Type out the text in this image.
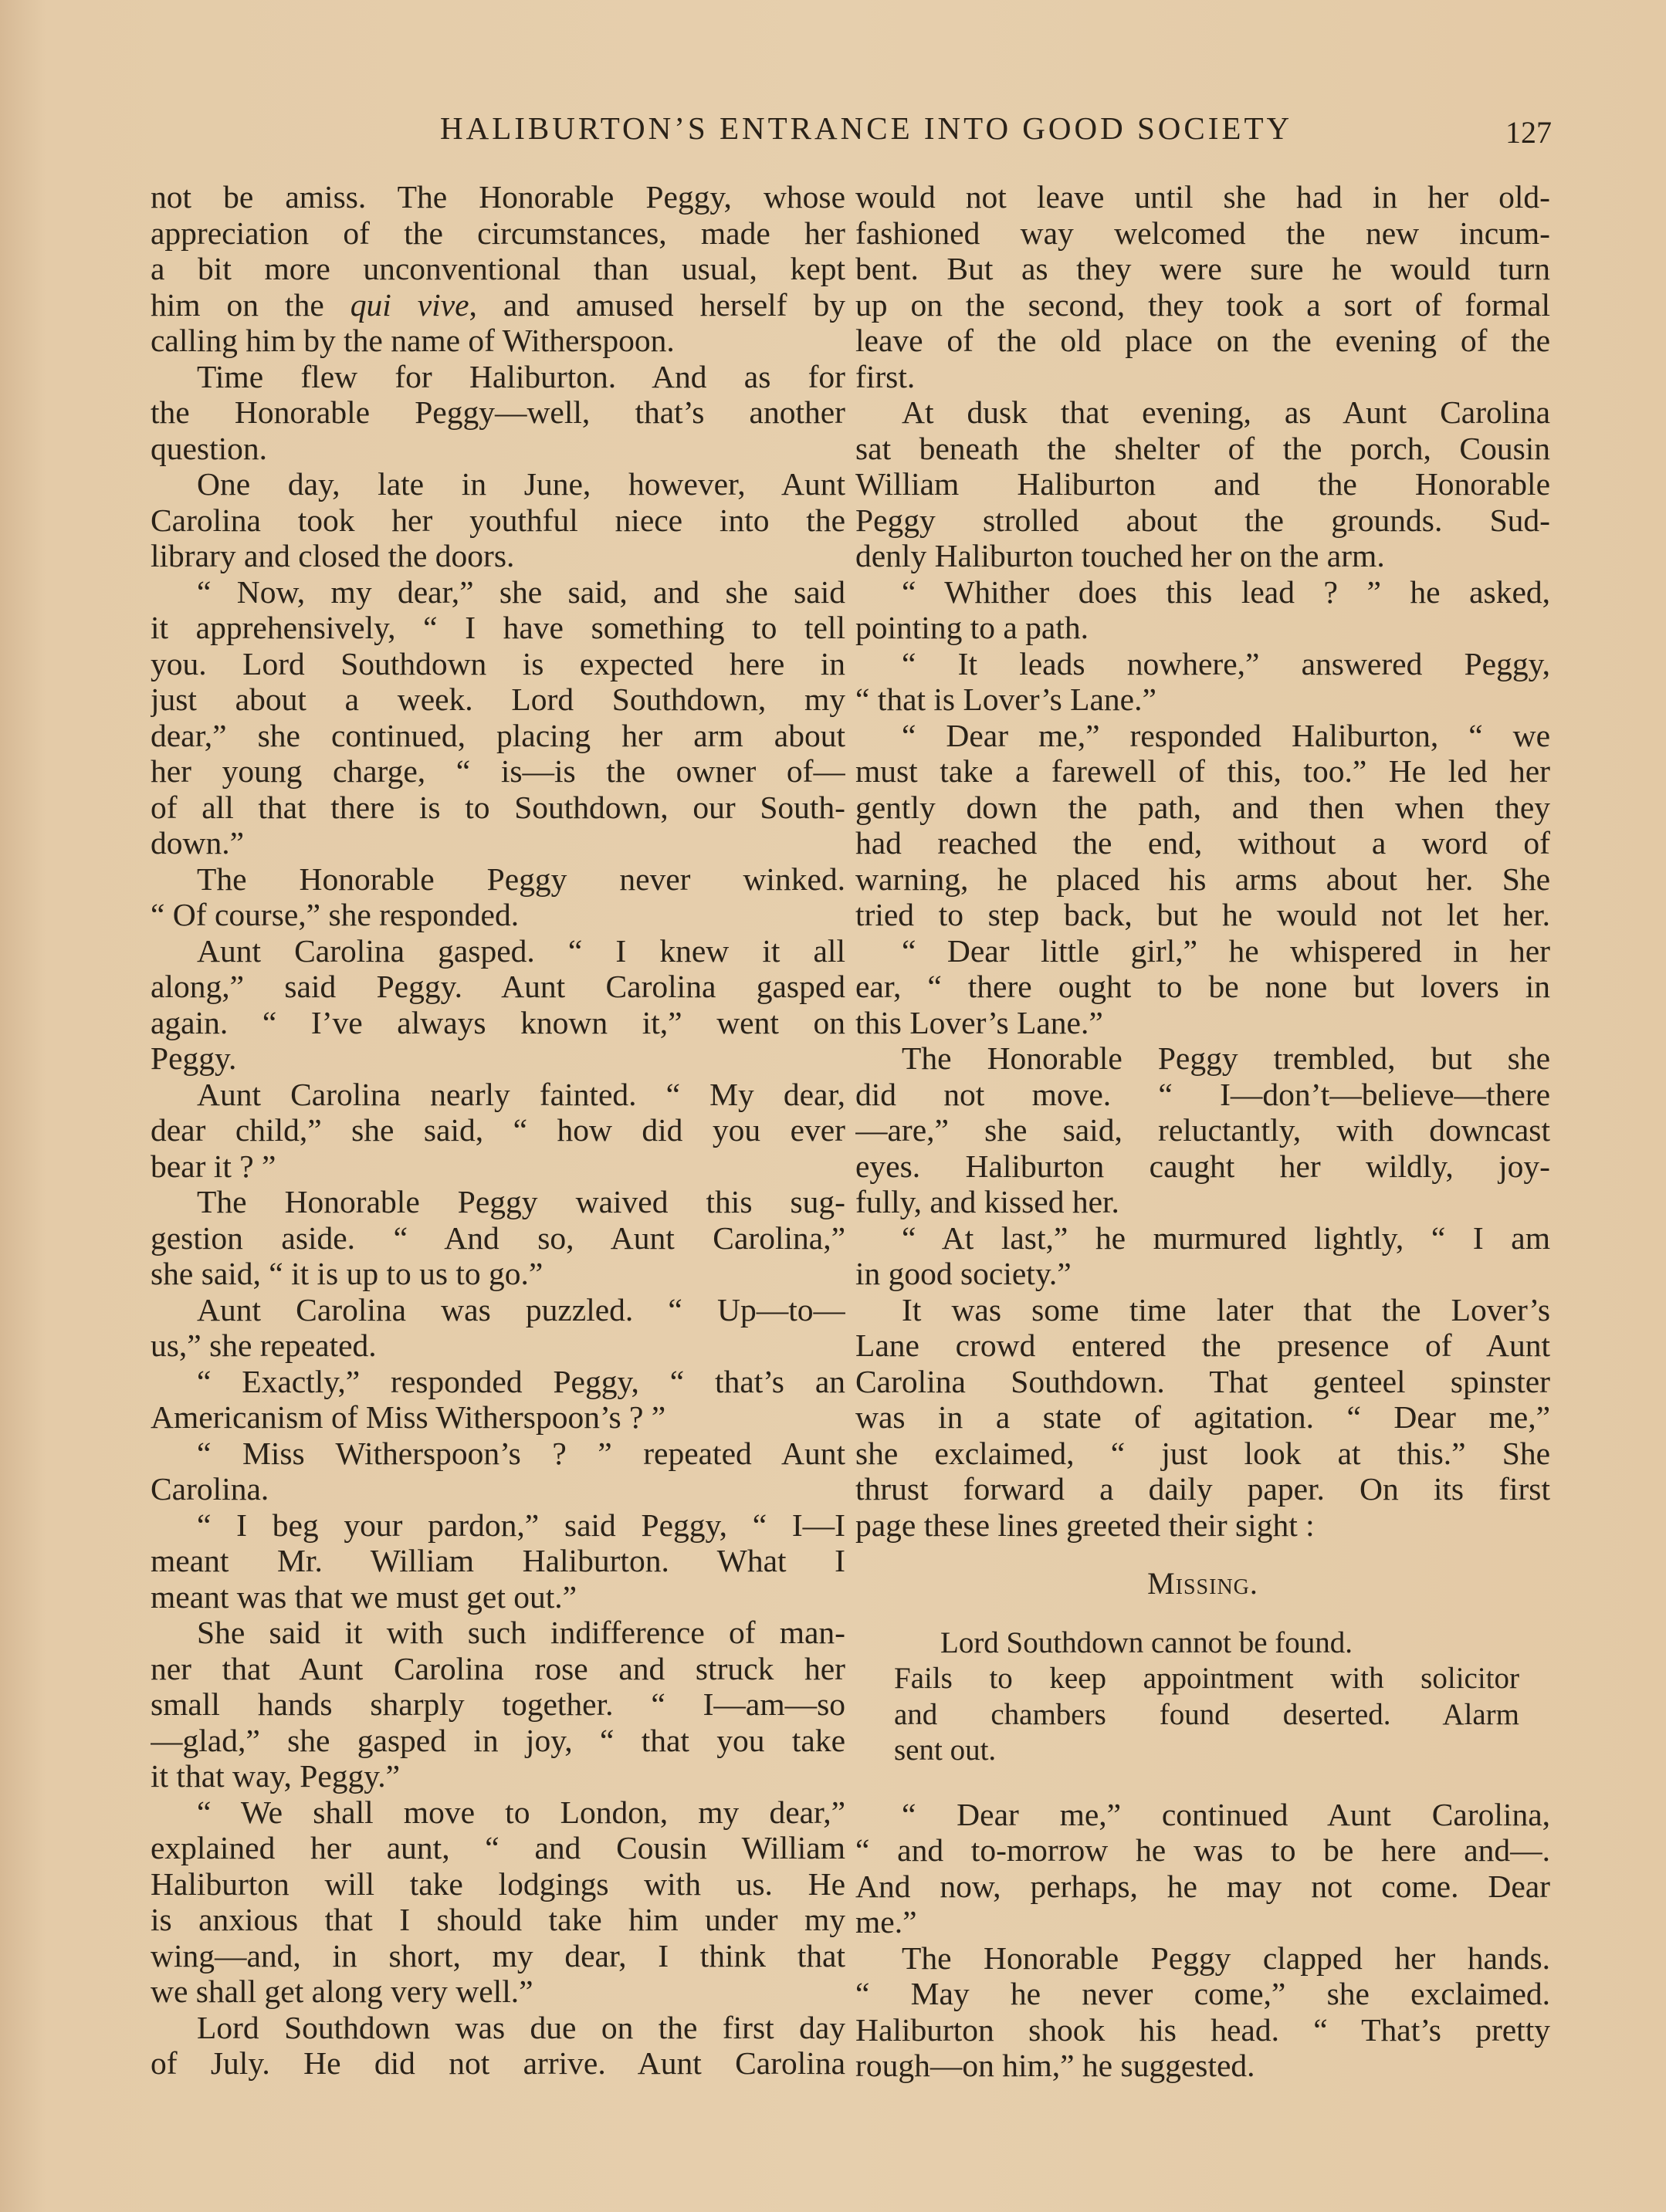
HALIBURTON’S ENTRANCE INTO GOOD SOCIETY	127
not be amiss. The Honorable Peggy, whose
appreciation of the circumstances, made her
a bit more unconventional than usual, kept
him on the qui vive, and amused herself by
calling him by the name of Witherspoon.
Time flew for Haliburton. And as for
the Honorable Peggy—well, that’s another
question.
One day, late in June, however, Aunt
Carolina took her youthful niece into the
library and closed the doors.
“ Now, my dear,” she said, and she said
it apprehensively, “ I have something to tell
you. Lord Southdown is expected here in
just about a week. Lord Southdown, my
dear,” she continued, placing her arm about
her young charge, “ is—is the owner of—
of all that there is to Southdown, our South-
down.”
The Honorable Peggy never winked.
“ Of course,” she responded.
Aunt Carolina gasped. “ I knew it all
along,” said Peggy. Aunt Carolina gasped
again. “ I’ve always known it,” went on
Peggy.
Aunt Carolina nearly fainted. “ My dear,
dear child,” she said, “ how did you ever
bear it ? ”
The Honorable Peggy waived this sug-
gestion aside. “ And so, Aunt Carolina,”
she said, “ it is up to us to go.”
Aunt Carolina was puzzled. “ Up—to—
us,” she repeated.
“ Exactly,” responded Peggy, “ that’s an
Americanism of Miss Witherspoon’s ? ”
“ Miss Witherspoon’s ? ” repeated Aunt
Carolina.
“ I beg your pardon,” said Peggy, “ I—I
meant Mr. William Haliburton. What I
meant was that we must get out.”
She said it with such indifference of man-
ner that Aunt Carolina rose and struck her
small hands sharply together. “ I—am—so
—glad,” she gasped in joy, “ that you take
it that way, Peggy.”
“ We shall move to London, my dear,”
explained her aunt, “ and Cousin William
Haliburton will take lodgings with us. He
is anxious that I should take him under my
wing—and, in short, my dear, I think that
we shall get along very well.”
Lord Southdown was due on the first day
of July. He did not arrive. Aunt Carolina
would not leave until she had in her old-
fashioned way welcomed the new incum-
bent. But as they were sure he would turn
up on the second, they took a sort of formal
leave of the old place on the evening of the
first.
At dusk that evening, as Aunt Carolina
sat beneath the shelter of the porch, Cousin
William Haliburton and the Honorable
Peggy strolled about the grounds. Sud-
denly Haliburton touched her on the arm.
“ Whither does this lead ? ” he asked,
pointing to a path.
“ It leads nowhere,” answered Peggy,
“ that is Lover’s Lane.”
“ Dear me,” responded Haliburton, “ we
must take a farewell of this, too.” He led her
gently down the path, and then when they
had reached the end, without a word of
warning, he placed his arms about her. She
tried to step back, but he would not let her.
“ Dear little girl,” he whispered in her
ear, “ there ought to be none but lovers in
this Lover’s Lane.”
The Honorable Peggy trembled, but she
did not move. “ I—don’t—believe—there
—are,” she said, reluctantly, with downcast
eyes. Haliburton caught her wildly, joy-
fully, and kissed her.
“ At last,” he murmured lightly, “ I am
in good society.”
It was some time later that the Lover’s
Lane crowd entered the presence of Aunt
Carolina Southdown. That genteel spinster
was in a state of agitation. “ Dear me,”
she exclaimed, “ just look at this.” She
thrust forward a daily paper. On its first
page these lines greeted their sight :
Missing.
Lord Southdown cannot be found.
Fails to keep appointment with solicitor
and chambers found deserted. Alarm
sent out.
“ Dear me,” continued Aunt Carolina,
“ and to-morrow he was to be here and—.
And now, perhaps, he may not come. Dear
me.”
The Honorable Peggy clapped her hands.
“ May he never come,” she exclaimed.
Haliburton shook his head. “ That’s pretty
rough—on him,” he suggested.
